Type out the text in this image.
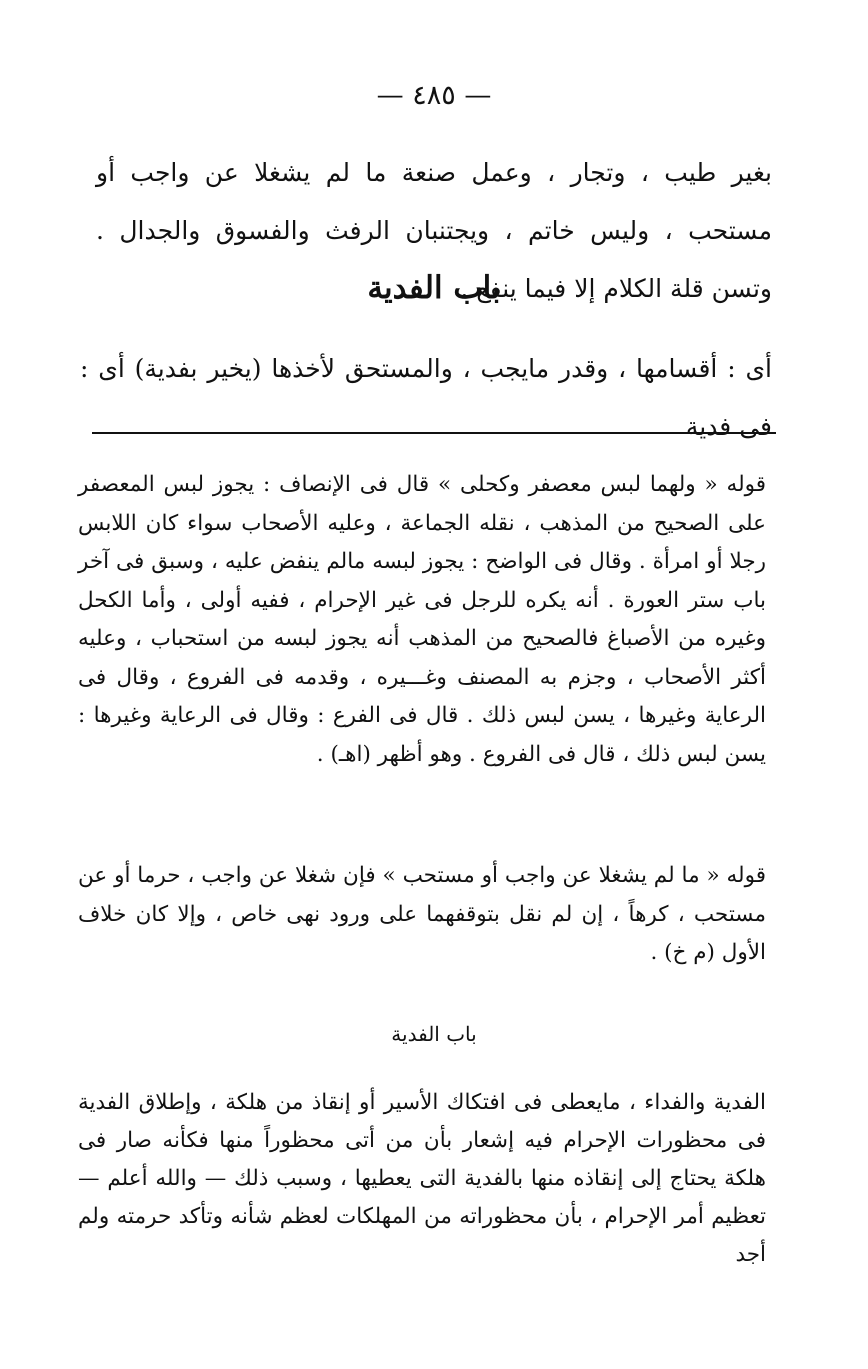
— ٤٨٥ —
بغير طيب ، وتجار ، وعمل صنعة ما لم يشغلا عن واجب أو مستحب ، وليس خاتم ، ويجتنبان الرفث والفسوق والجدال . وتسن قلة الكلام إلا فيما ينفع .
باب الفدية
أى : أقسامها ، وقدر مايجب ، والمستحق لأخذها (يخير بفدية) أى : فى فدية
قوله « ولهما لبس معصفر وكحلى » قال فى الإنصاف : يجوز لبس المعصفر على الصحيح من المذهب ، نقله الجماعة ، وعليه الأصحاب سواء كان اللابس رجلا أو امرأة . وقال فى الواضح : يجوز لبسه مالم ينفض عليه ، وسبق فى آخر باب ستر العورة . أنه يكره للرجل فى غير الإحرام ، ففيه أولى ، وأما الكحل وغيره من الأصباغ فالصحيح من المذهب أنه يجوز لبسه من استحباب ، وعليه أكثر الأصحاب ، وجزم به المصنف وغـــيره ، وقدمه فى الفروع ، وقال فى الرعاية وغيرها ، يسن لبس ذلك . قال فى الفرع : وقال فى الرعاية وغيرها : يسن لبس ذلك ، قال فى الفروع . وهو أظهر (اهـ) .
قوله « ما لم يشغلا عن واجب أو مستحب » فإن شغلا عن واجب ، حرما أو عن مستحب ، كرهاً ، إن لم نقل بتوقفهما على ورود نهى خاص ، وإلا كان خلاف الأول (م خ) .
باب الفدية
الفدية والفداء ، مايعطى فى افتكاك الأسير أو إنقاذ من هلكة ، وإطلاق الفدية فى محظورات الإحرام فيه إشعار بأن من أتى محظوراً منها فكأنه صار فى هلكة يحتاج إلى إنقاذه منها بالفدية التى يعطيها ، وسبب ذلك — والله أعلم — تعظيم أمر الإحرام ، بأن محظوراته من المهلكات لعظم شأنه وتأكد حرمته ولم أجد
